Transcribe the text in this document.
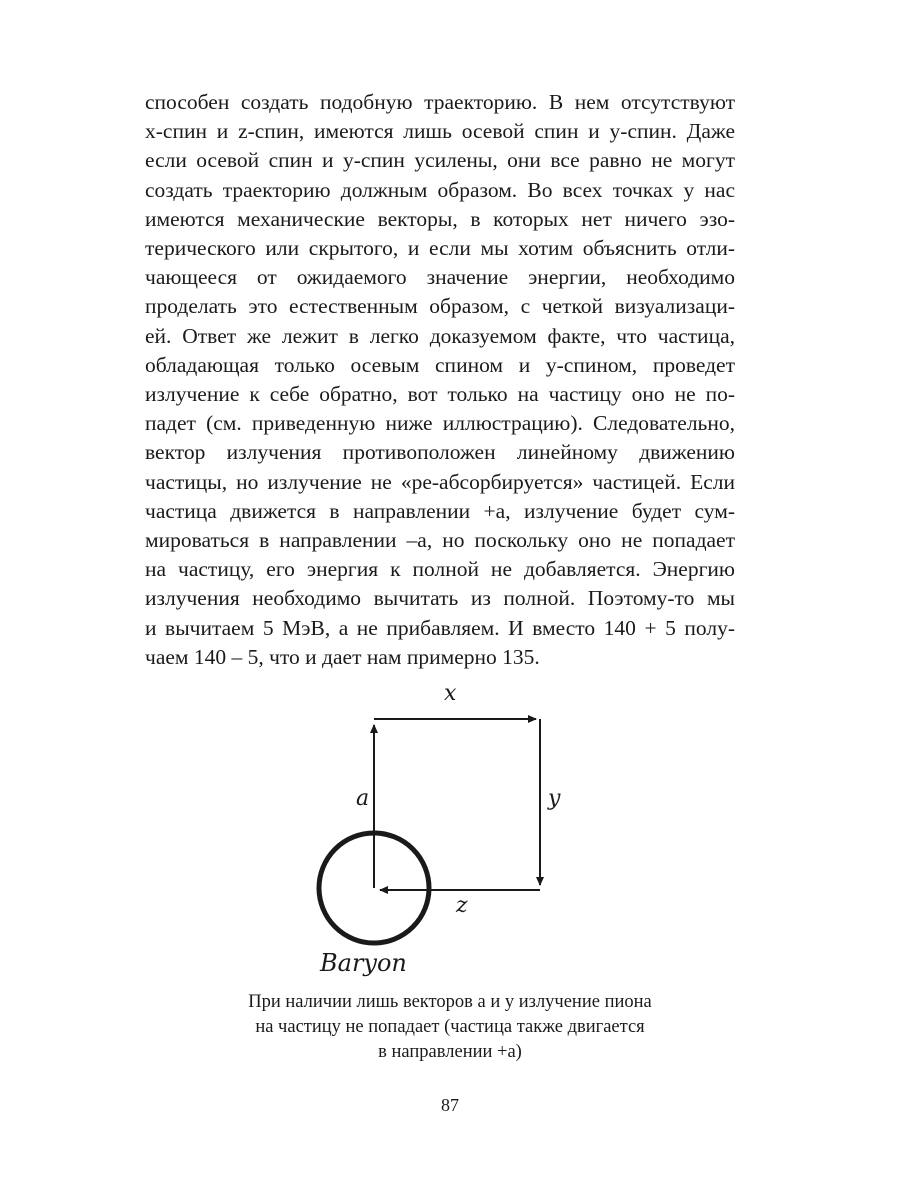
способен создать подобную траекторию. В нем отсутствуют
x-спин и z-спин, имеются лишь осевой спин и y-спин. Даже
если осевой спин и y-спин усилены, они все равно не могут
создать траекторию должным образом. Во всех точках у нас
имеются механические векторы, в которых нет ничего эзо-
терического или скрытого, и если мы хотим объяснить отли-
чающееся от ожидаемого значение энергии, необходимо
проделать это естественным образом, с четкой визуализаци-
ей. Ответ же лежит в легко доказуемом факте, что частица,
обладающая только осевым спином и y-спином, проведет
излучение к себе обратно, вот только на частицу оно не по-
падет (см. приведенную ниже иллюстрацию). Следовательно,
вектор излучения противоположен линейному движению
частицы, но излучение не «ре-абсорбируется» частицей. Если
частица движется в направлении +a, излучение будет сум-
мироваться в направлении –a, но поскольку оно не попадает
на частицу, его энергия к полной не добавляется. Энергию
излучения необходимо вычитать из полной. Поэтому-то мы
и вычитаем 5 МэВ, а не прибавляем. И вместо 140 + 5 полу-
чаем 140 – 5, что и дает нам примерно 135.
x
a	y
z
Baryon
При наличии лишь векторов a и y излучение пиона
на частицу не попадает (частица также двигается
в направлении +a)
87
